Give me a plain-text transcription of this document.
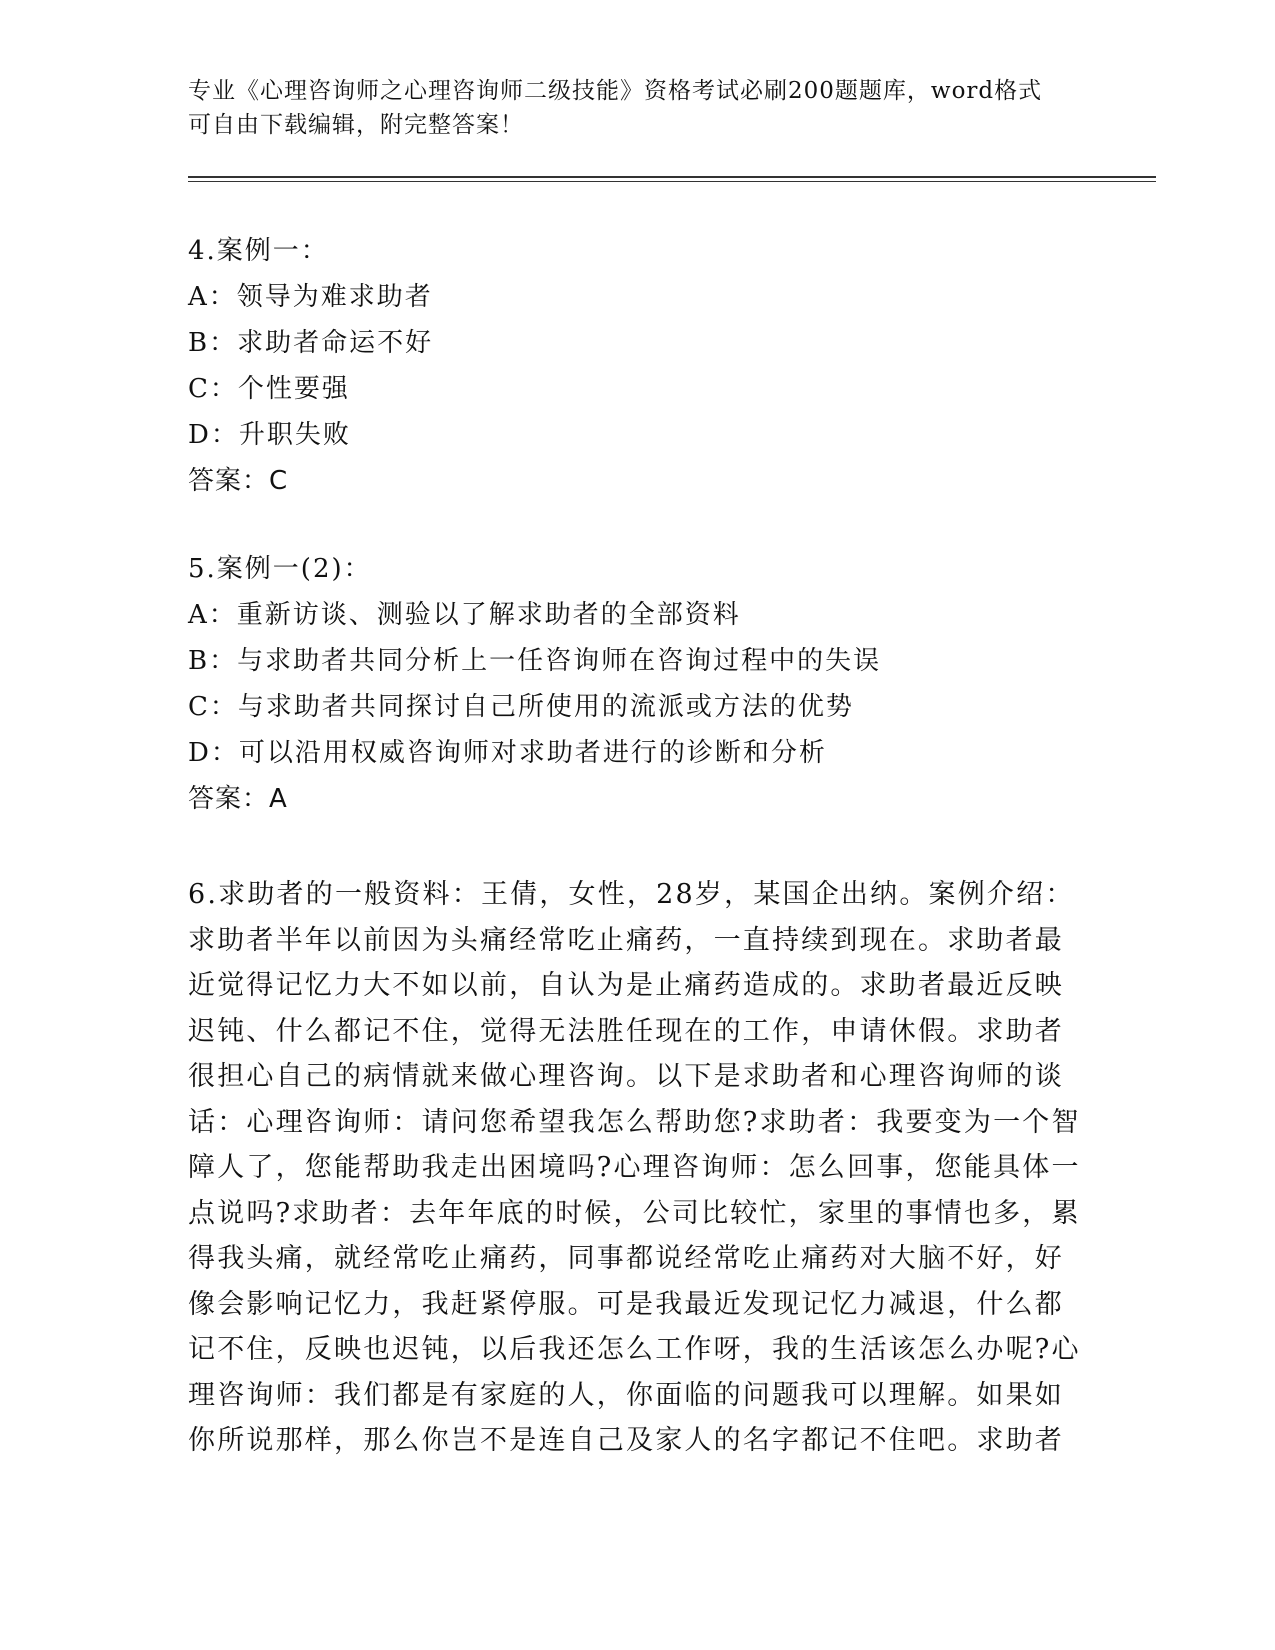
专业《心理咨询师之心理咨询师二级技能》资格考试必刷200题题库，word格式
可自由下载编辑，附完整答案！
4.案例一：
A：领导为难求助者
B：求助者命运不好
C：个性要强
D：升职失败
答案：C
5.案例一(2)：
A：重新访谈、测验以了解求助者的全部资料
B：与求助者共同分析上一任咨询师在咨询过程中的失误
C：与求助者共同探讨自己所使用的流派或方法的优势
D：可以沿用权威咨询师对求助者进行的诊断和分析
答案：A
6.求助者的一般资料：王倩，女性，28岁，某国企出纳。案例介绍：
求助者半年以前因为头痛经常吃止痛药，一直持续到现在。求助者最
近觉得记忆力大不如以前，自认为是止痛药造成的。求助者最近反映
迟钝、什么都记不住，觉得无法胜任现在的工作，申请休假。求助者
很担心自己的病情就来做心理咨询。以下是求助者和心理咨询师的谈
话：心理咨询师：请问您希望我怎么帮助您?求助者：我要变为一个智
障人了，您能帮助我走出困境吗?心理咨询师：怎么回事，您能具体一
点说吗?求助者：去年年底的时候，公司比较忙，家里的事情也多，累
得我头痛，就经常吃止痛药，同事都说经常吃止痛药对大脑不好，好
像会影响记忆力，我赶紧停服。可是我最近发现记忆力减退，什么都
记不住，反映也迟钝，以后我还怎么工作呀，我的生活该怎么办呢?心
理咨询师：我们都是有家庭的人，你面临的问题我可以理解。如果如
你所说那样，那么你岂不是连自己及家人的名字都记不住吧。求助者
